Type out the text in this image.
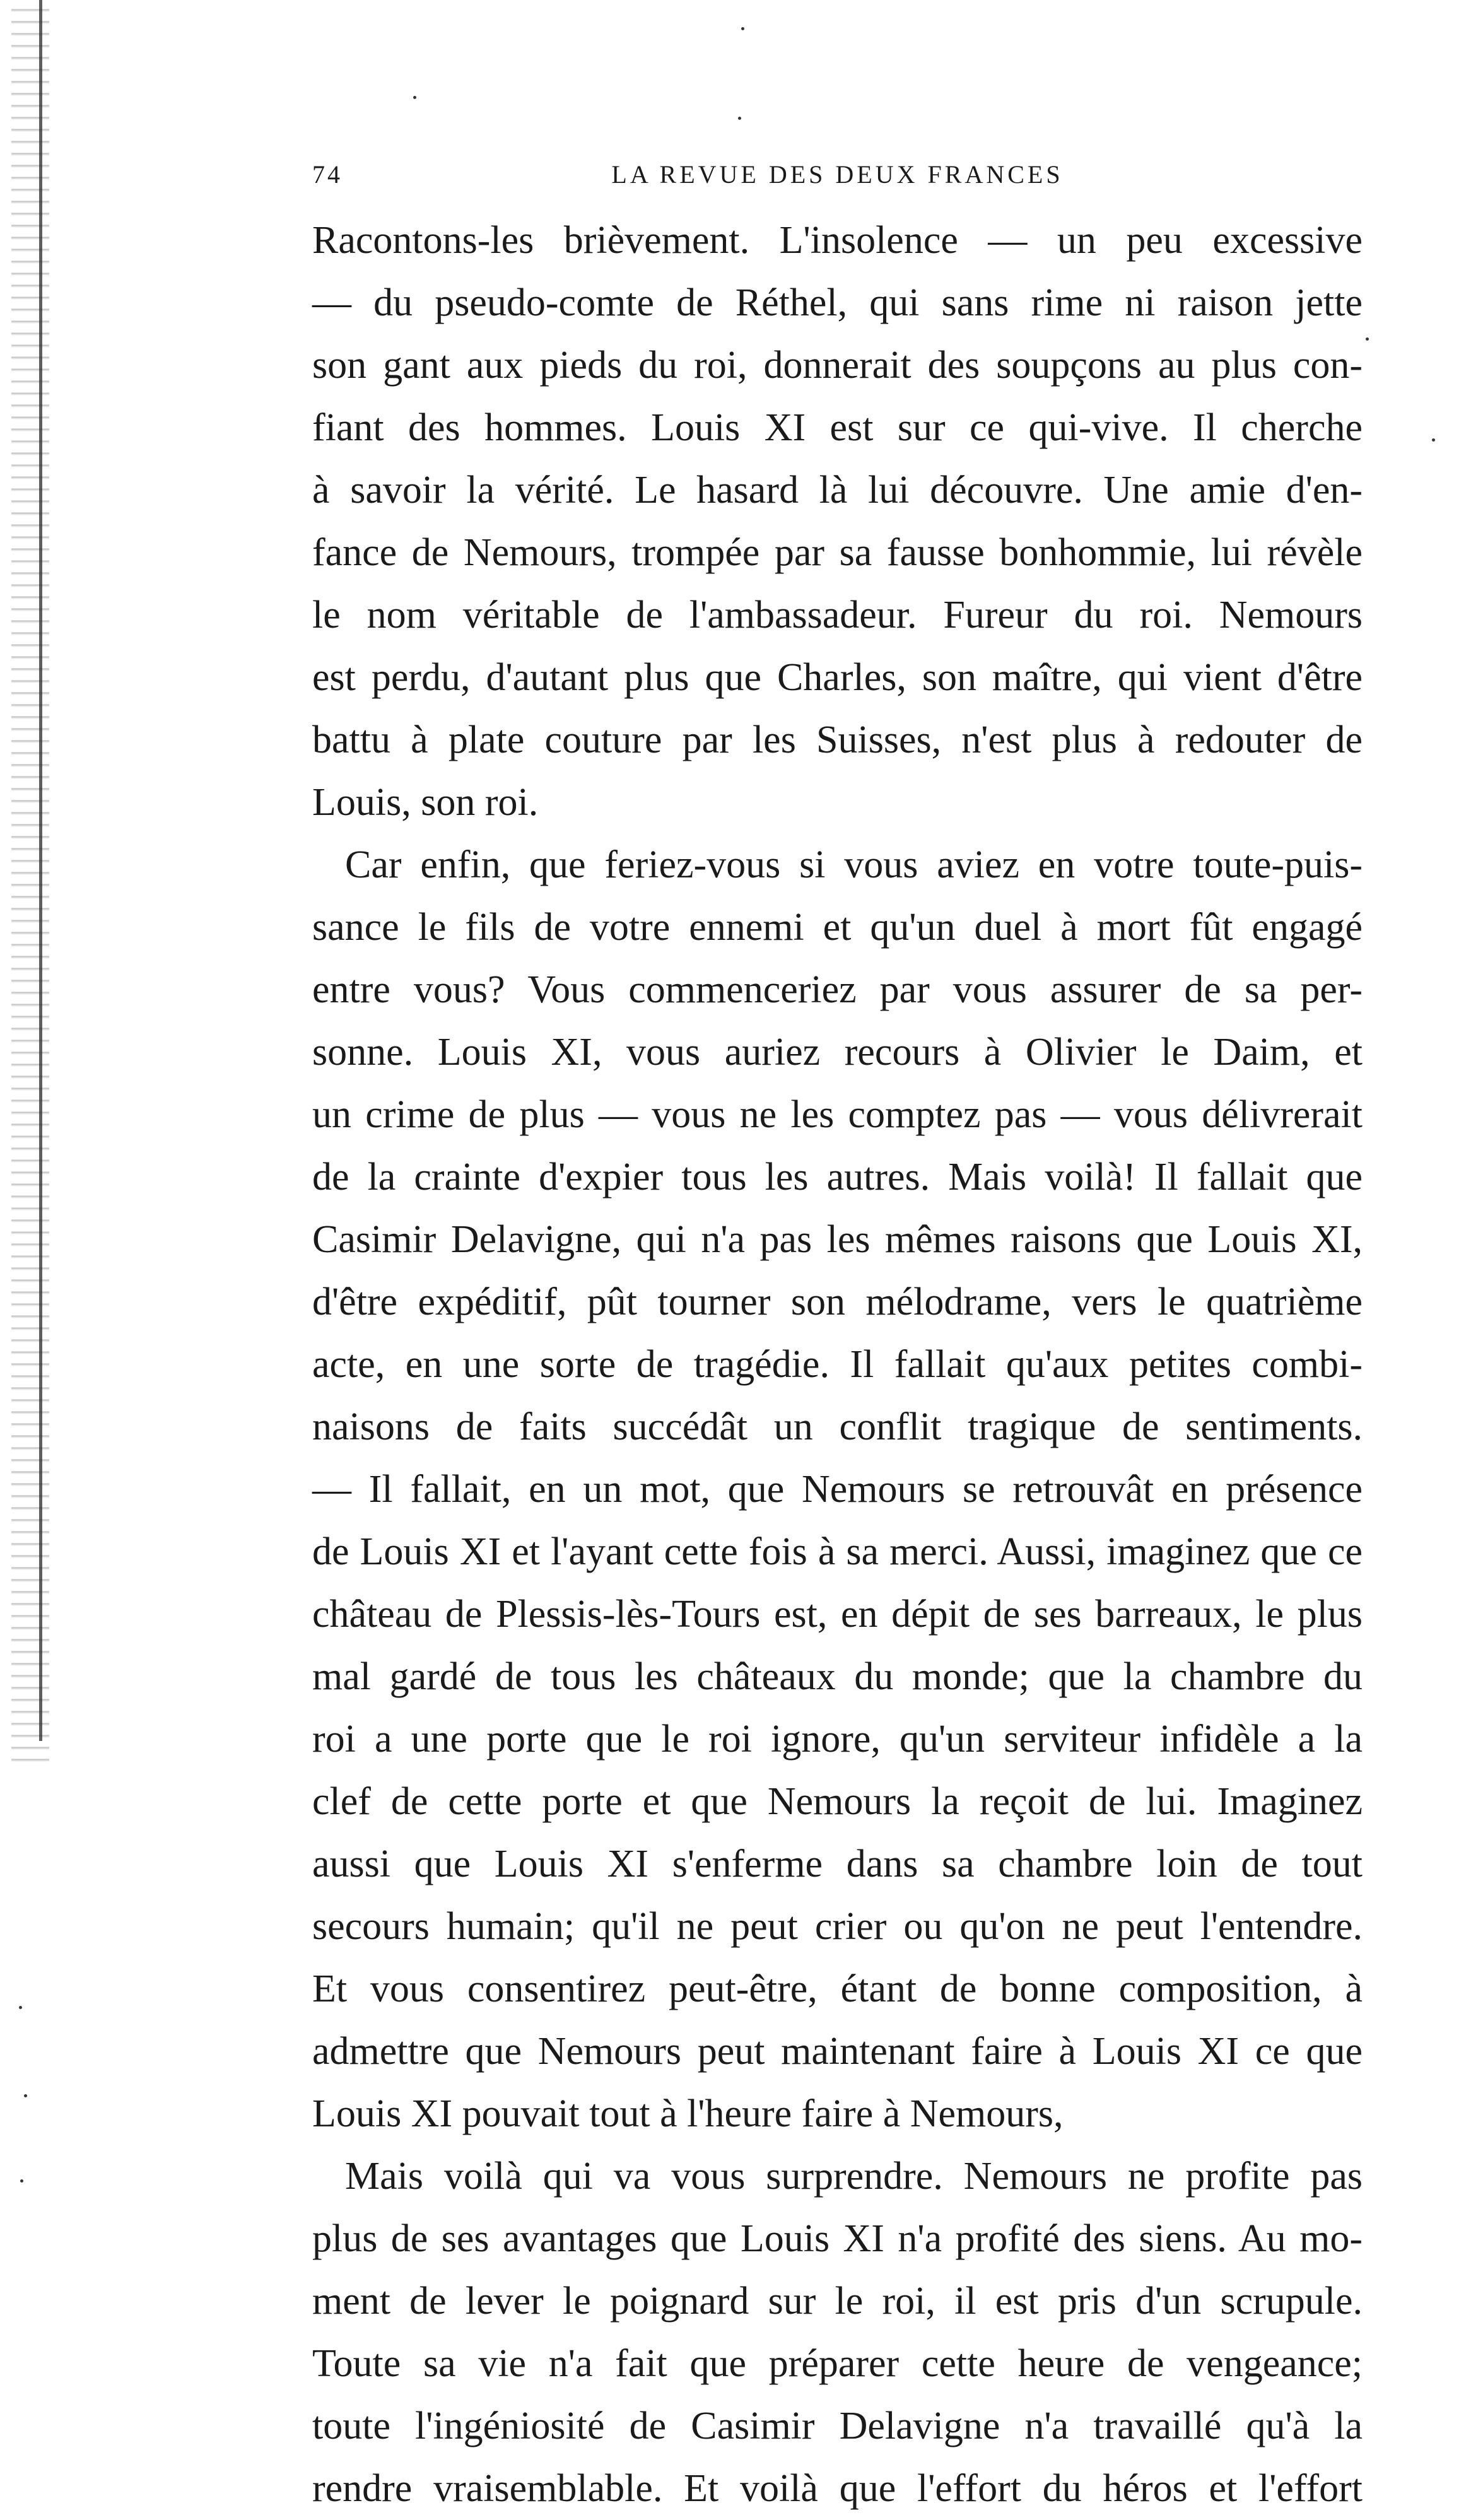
74	LA REVUE DES DEUX FRANCES
Racontons-les brièvement. L'insolence — un peu excessive
— du pseudo-comte de Réthel, qui sans rime ni raison jette
son gant aux pieds du roi, donnerait des soupçons au plus con-
fiant des hommes. Louis XI est sur ce qui-vive. Il cherche
à savoir la vérité. Le hasard là lui découvre. Une amie d'en-
fance de Nemours, trompée par sa fausse bonhommie, lui révèle
le nom véritable de l'ambassadeur. Fureur du roi. Nemours
est perdu, d'autant plus que Charles, son maître, qui vient d'être
battu à plate couture par les Suisses, n'est plus à redouter de
Louis, son roi.
Car enfin, que feriez-vous si vous aviez en votre toute-puis-
sance le fils de votre ennemi et qu'un duel à mort fût engagé
entre vous? Vous commenceriez par vous assurer de sa per-
sonne. Louis XI, vous auriez recours à Olivier le Daim, et
un crime de plus — vous ne les comptez pas — vous délivrerait
de la crainte d'expier tous les autres. Mais voilà! Il fallait que
Casimir Delavigne, qui n'a pas les mêmes raisons que Louis XI,
d'être expéditif, pût tourner son mélodrame, vers le quatrième
acte, en une sorte de tragédie. Il fallait qu'aux petites combi-
naisons de faits succédât un conflit tragique de sentiments.
— Il fallait, en un mot, que Nemours se retrouvât en présence
de Louis XI et l'ayant cette fois à sa merci. Aussi, imaginez que ce
château de Plessis-lès-Tours est, en dépit de ses barreaux, le plus
mal gardé de tous les châteaux du monde; que la chambre du
roi a une porte que le roi ignore, qu'un serviteur infidèle a la
clef de cette porte et que Nemours la reçoit de lui. Imaginez
aussi que Louis XI s'enferme dans sa chambre loin de tout
secours humain; qu'il ne peut crier ou qu'on ne peut l'entendre.
Et vous consentirez peut-être, étant de bonne composition, à
admettre que Nemours peut maintenant faire à Louis XI ce que
Louis XI pouvait tout à l'heure faire à Nemours,
Mais voilà qui va vous surprendre. Nemours ne profite pas
plus de ses avantages que Louis XI n'a profité des siens. Au mo-
ment de lever le poignard sur le roi, il est pris d'un scrupule.
Toute sa vie n'a fait que préparer cette heure de vengeance;
toute l'ingéniosité de Casimir Delavigne n'a travaillé qu'à la
rendre vraisemblable. Et voilà que l'effort du héros et l'effort
